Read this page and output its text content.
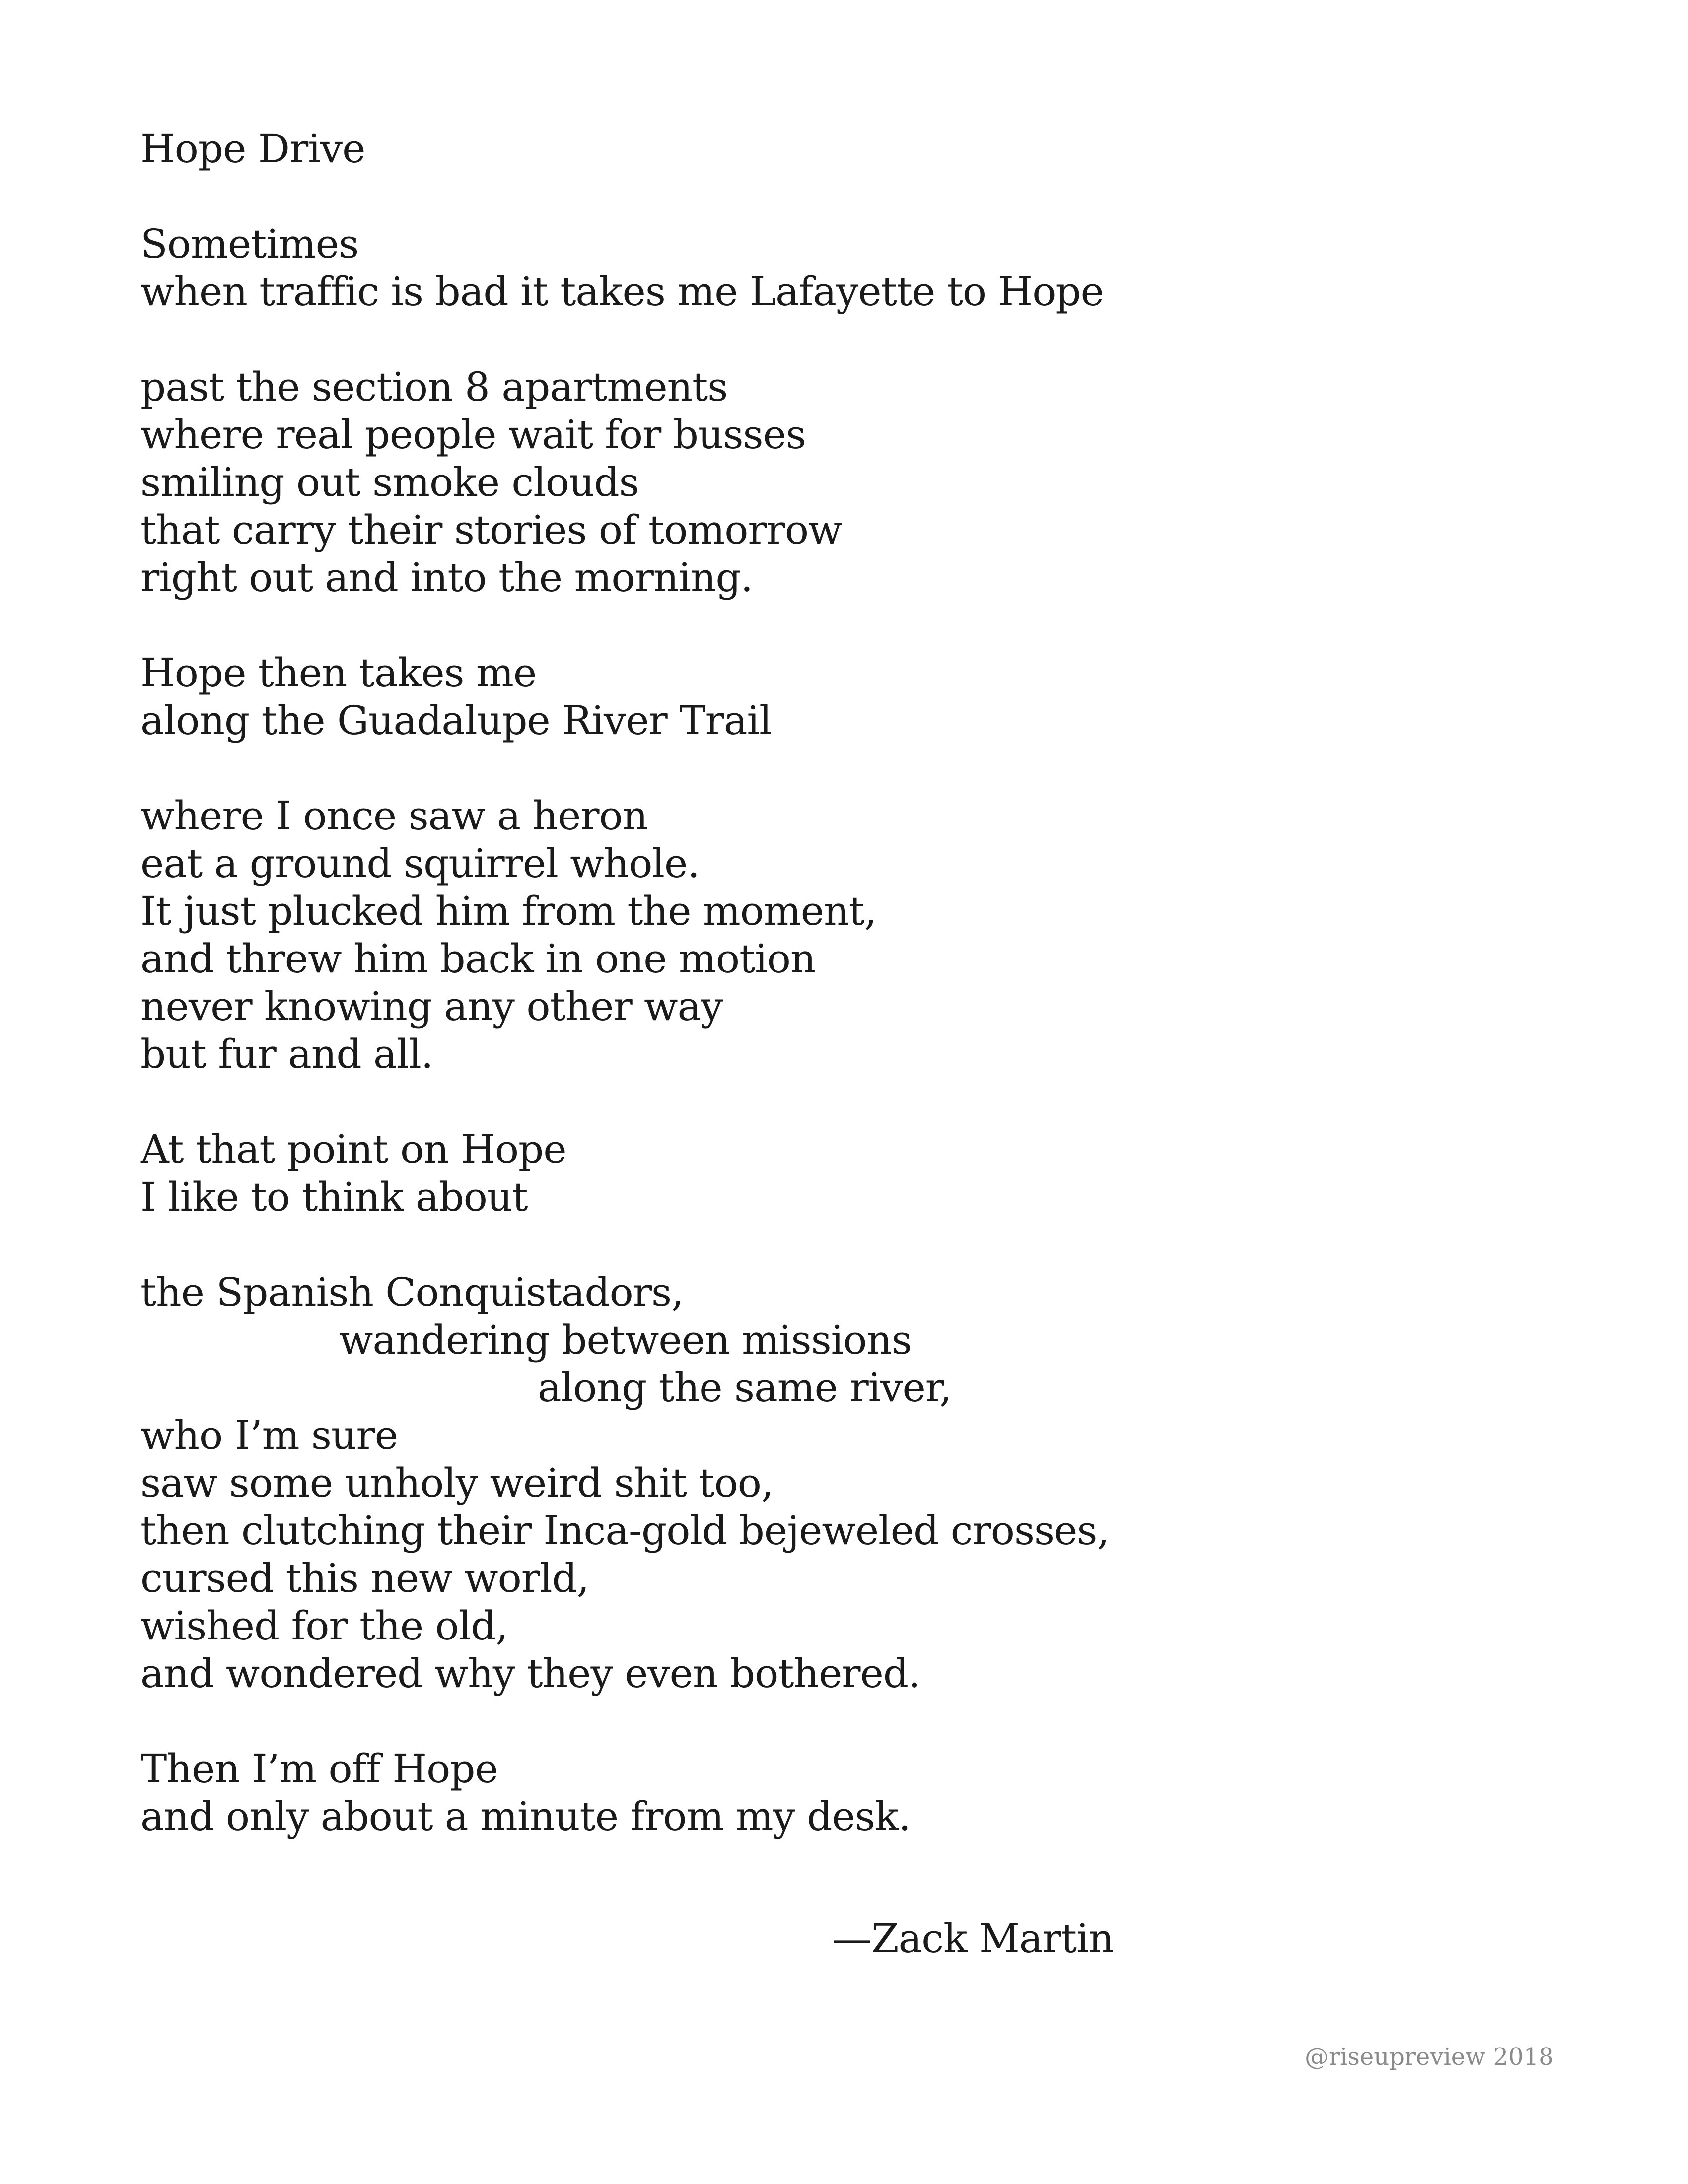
Hope Drive
Sometimes
when traffic is bad it takes me Lafayette to Hope
past the section 8 apartments
where real people wait for busses
smiling out smoke clouds
that carry their stories of tomorrow
right out and into the morning.
Hope then takes me
along the Guadalupe River Trail
where I once saw a heron
eat a ground squirrel whole.
It just plucked him from the moment,
and threw him back in one motion
never knowing any other way
but fur and all.
At that point on Hope
I like to think about
the Spanish Conquistadors,
wandering between missions
along the same river,
who I’m sure
saw some unholy weird shit too,
then clutching their Inca-gold bejeweled crosses,
cursed this new world,
wished for the old,
and wondered why they even bothered.
Then I’m off Hope
and only about a minute from my desk.
—Zack Martin
@riseupreview 2018
